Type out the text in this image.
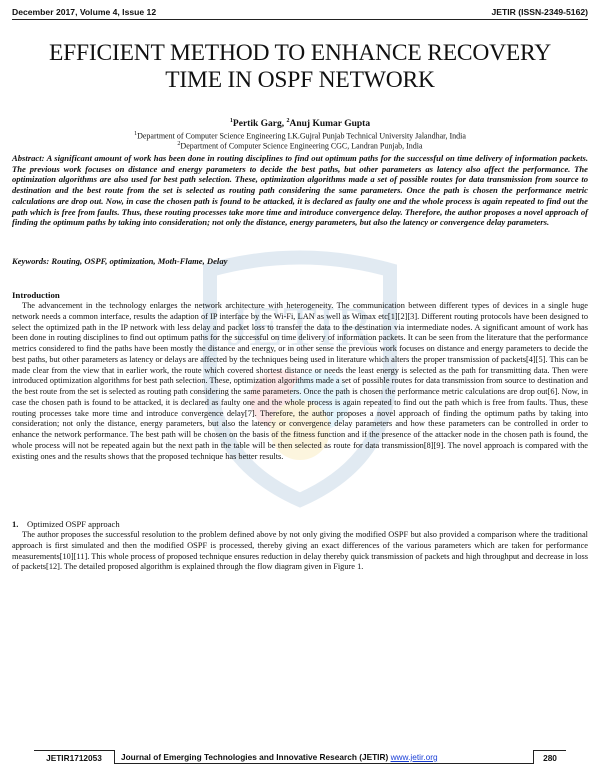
JETIR
December 2017, Volume 4, Issue 12	JETIR (ISSN-2349-5162)
EFFICIENT METHOD TO ENHANCE RECOVERY
TIME IN OSPF NETWORK
$^1$Pertik Garg, $^2$Anuj Kumar Gupta
$^1$Department of Computer Science Engineering I.K.Gujral Punjab Technical University Jalandhar, India
$^2$Department of Computer Science Engineering CGC, Landran Punjab, India
Abstract: A significant amount of work has been done in routing disciplines to find out optimum paths for the successful on time delivery of information packets. The previous work focuses on distance and energy parameters to decide the best paths, but other parameters as latency also affect the performance. The optimization algorithms are also used for best path selection. These, optimization algorithms made a set of possible routes for data transmission from source to destination and the best route from the set is selected as routing path considering the same parameters. Once the path is chosen the performance metric calculations are drop out. Now, in case the chosen path is found to be attacked, it is declared as faulty one and the whole process is again repeated to find out the path which is free from faults. Thus, these routing processes take more time and introduce convergence delay. Therefore, the author proposes a novel approach of finding the optimum paths by taking into consideration; not only the distance, energy parameters, but also the latency or convergence delay parameters.
Keywords: Routing, OSPF, optimization, Moth-Flame, Delay
Introduction
The advancement in the technology enlarges the network architecture with heterogeneity. The communication between different types of devices in a single huge network needs a common interface, results the adaption of IP interface by the Wi-Fi, LAN as well as Wimax etc[1][2][3]. Different routing protocols have been designed to select the optimized path in the IP network with less delay and packet loss to transfer the data to the destination via intermediate nodes. A significant amount of work has been done in routing disciplines to find out optimum paths for the successful on time delivery of information packets. It can be seen from the literature that the performance metrics considered to find the paths have been mostly the distance and energy, or in other sense the previous work focuses on distance and energy parameters to decide the best paths, but other parameters as latency or delays are affected by the techniques being used in literature which alters the proper transmission of packets[4][5]. This can be made clear from the view that in earlier work, the route which covered shortest distance or needs the least energy is selected as the path for transmitting data. Then were introduced optimization algorithms for best path selection. These, optimization algorithms made a set of possible routes for data transmission from source to destination and the best route from the set is selected as routing path considering the same parameters. Once the path is chosen the performance metric calculations are drop out[6]. Now, in case the chosen path is found to be attacked, it is declared as faulty one and the whole process is again repeated to find out the path which is free from faults. Thus, these routing processes take more time and introduce convergence delay[7]. Therefore, the author proposes a novel approach of finding the optimum paths by taking into consideration; not only the distance, energy parameters, but also the latency or convergence delay parameters and how these parameters can be controlled in order to enhance the network performance. The best path will be chosen on the basis of the fitness function and if the presence of the attacker node in the chosen path is found, the whole process will not be repeated again but the next path in the table will be then selected as route for data transmission[8][9]. The novel approach is compared with the existing ones and the results shows that the proposed technique has better results.
1. Optimized OSPF approach
The author proposes the successful resolution to the problem defined above by not only giving the modified OSPF but also provided a comparison where the traditional approach is first simulated and then the modified OSPF is processed, thereby giving an exact differences of the various parameters which are taken for performance measurements[10][11]. This whole process of proposed technique ensures reduction in delay thereby quick transmission of packets and high throughput and decrease in loss of packets[12]. The detailed proposed algorithm is explained through the flow diagram given in Figure 1.
JETIR1712053	Journal of Emerging Technologies and Innovative Research (JETIR) www.jetir.org	280
